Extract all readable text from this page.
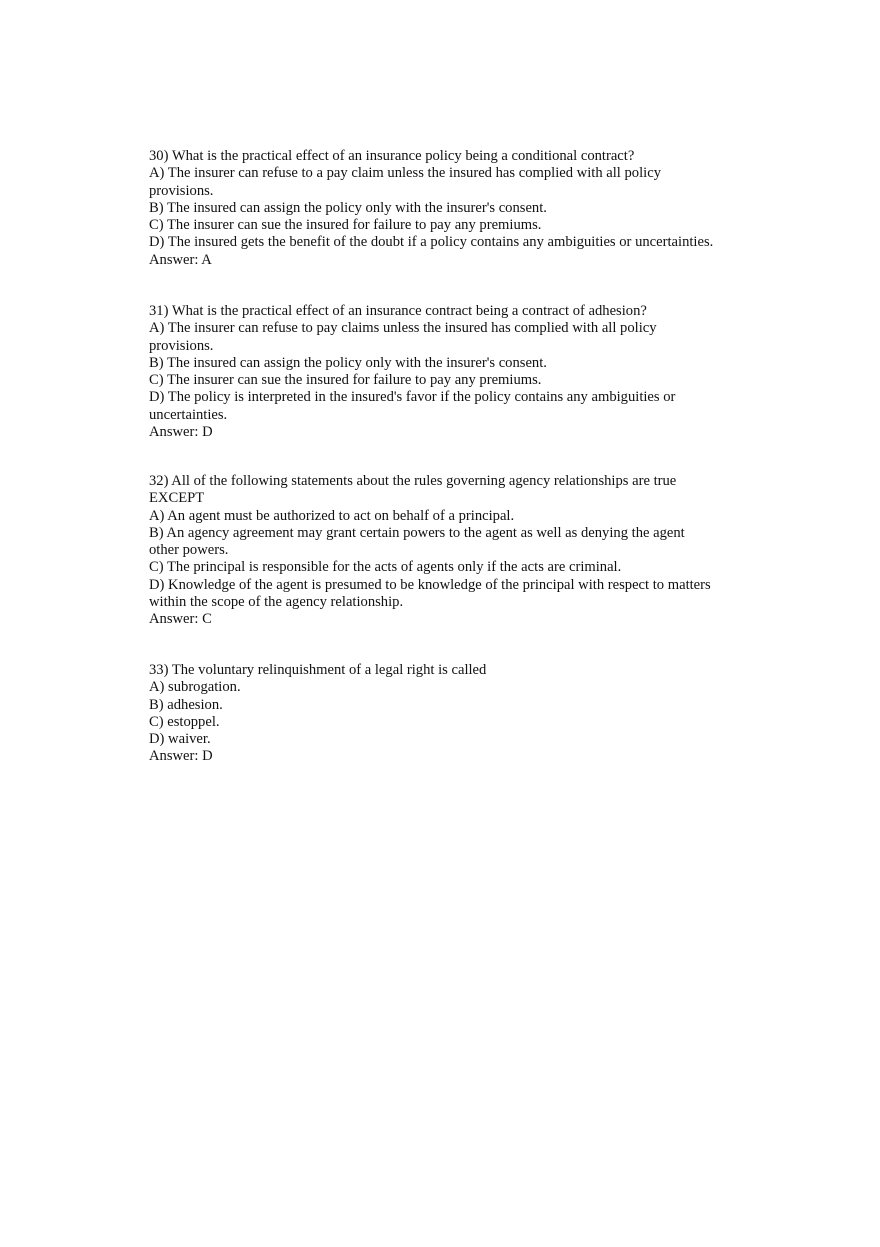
30) What is the practical effect of an insurance policy being a conditional contract?
A) The insurer can refuse to a pay claim unless the insured has complied with all policy
provisions.
B) The insured can assign the policy only with the insurer's consent.
C) The insurer can sue the insured for failure to pay any premiums.
D) The insured gets the benefit of the doubt if a policy contains any ambiguities or uncertainties.
Answer: A
31) What is the practical effect of an insurance contract being a contract of adhesion?
A) The insurer can refuse to pay claims unless the insured has complied with all policy
provisions.
B) The insured can assign the policy only with the insurer's consent.
C) The insurer can sue the insured for failure to pay any premiums.
D) The policy is interpreted in the insured's favor if the policy contains any ambiguities or
uncertainties.
Answer: D
32) All of the following statements about the rules governing agency relationships are true
EXCEPT
A) An agent must be authorized to act on behalf of a principal.
B) An agency agreement may grant certain powers to the agent as well as denying the agent
other powers.
C) The principal is responsible for the acts of agents only if the acts are criminal.
D) Knowledge of the agent is presumed to be knowledge of the principal with respect to matters
within the scope of the agency relationship.
Answer: C
33) The voluntary relinquishment of a legal right is called
A) subrogation.
B) adhesion.
C) estoppel.
D) waiver.
Answer: D
